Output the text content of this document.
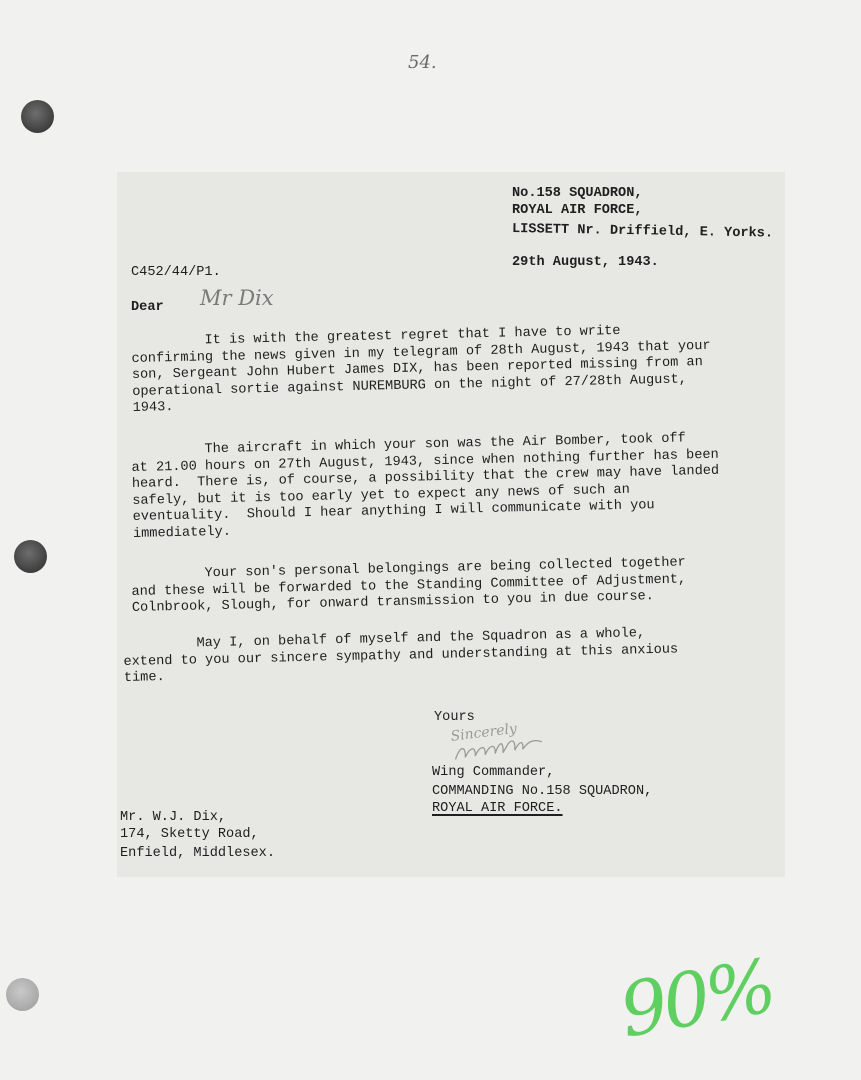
54.
No.158 SQUADRON,
ROYAL AIR FORCE,
LISSETT Nr. Driffield, E. Yorks.
29th August, 1943.
C452/44/P1.
Dear Mr Dix
It is with the greatest regret that I have to write
confirming the news given in my telegram of 28th August, 1943 that your
son, Sergeant John Hubert James DIX, has been reported missing from an
operational sortie against NUREMBURG on the night of 27/28th August,
1943.
The aircraft in which your son was the Air Bomber, took off
at 21.00 hours on 27th August, 1943, since when nothing further has been
heard.  There is, of course, a possibility that the crew may have landed
safely, but it is too early yet to expect any news of such an
eventuality.  Should I hear anything I will communicate with you
immediately.
Your son's personal belongings are being collected together
and these will be forwarded to the Standing Committee of Adjustment,
Colnbrook, Slough, for onward transmission to you in due course.
May I, on behalf of myself and the Squadron as a whole,
extend to you our sincere sympathy and understanding at this anxious
time.
Yours
Sincerely
Wing Commander,
COMMANDING No.158 SQUADRON,
ROYAL AIR FORCE.
Mr. W.J. Dix,
174, Sketty Road,
Enfield, Middlesex.
90%
